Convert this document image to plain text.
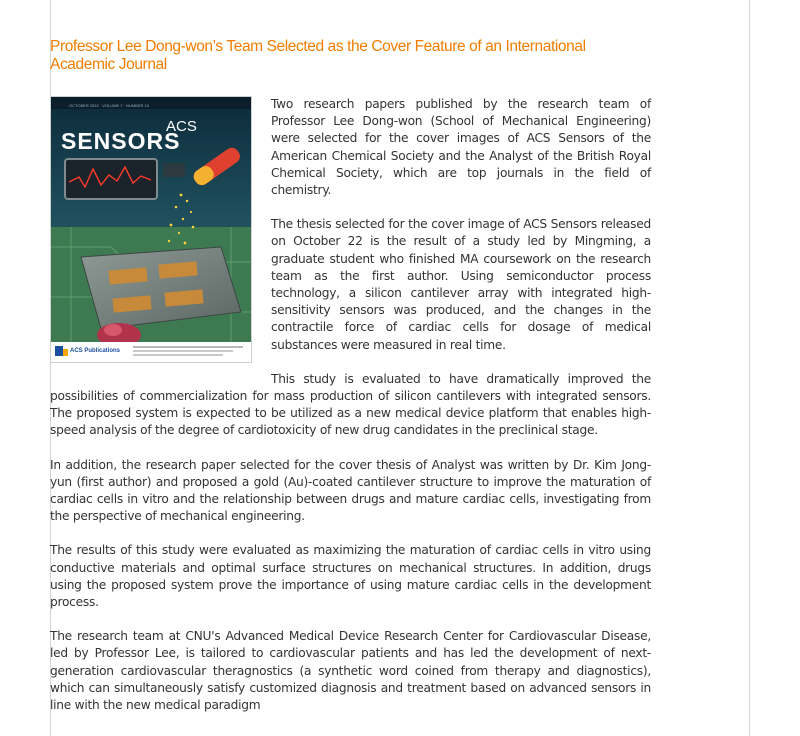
Professor Lee Dong-won’s Team Selected as the Cover Feature of an International Academic Journal
OCTOBER 2022 · VOLUME 7 · NUMBER 10
ACS
SENSORS
ACS Publications

Two research papers published by the research team of Professor Lee Dong-won (School of Mechanical Engineering) were selected for the cover images of ACS Sensors of the American Chemical Society and the Analyst of the British Royal Chemical Society, which are top journals in the field of chemistry.

The thesis selected for the cover image of ACS Sensors released on October 22 is the result of a study led by Mingming, a graduate student who finished MA coursework on the research team as the first author. Using semiconductor process technology, a silicon cantilever array with integrated high-sensitivity sensors was produced, and the changes in the contractile force of cardiac cells for dosage of medical substances were measured in real time.

This study is evaluated to have dramatically improved the possibilities of commercialization for mass production of silicon cantilevers with integrated sensors. The proposed system is expected to be utilized as a new medical device platform that enables high-speed analysis of the degree of cardiotoxicity of new drug candidates in the preclinical stage.

In addition, the research paper selected for the cover thesis of Analyst was written by Dr. Kim Jong-yun (first author) and proposed a gold (Au)-coated cantilever structure to improve the maturation of cardiac cells in vitro and the relationship between drugs and mature cardiac cells, investigating from the perspective of mechanical engineering.

The results of this study were evaluated as maximizing the maturation of cardiac cells in vitro using conductive materials and optimal surface structures on mechanical structures. In addition, drugs using the proposed system prove the importance of using mature cardiac cells in the development process.

The research team at CNU's Advanced Medical Device Research Center for Cardiovascular Disease, led by Professor Lee, is tailored to cardiovascular patients and has led the development of next-generation cardiovascular theragnostics (a synthetic word coined from therapy and diagnostics), which can simultaneously satisfy customized diagnosis and treatment based on advanced sensors in line with the new medical paradigm
